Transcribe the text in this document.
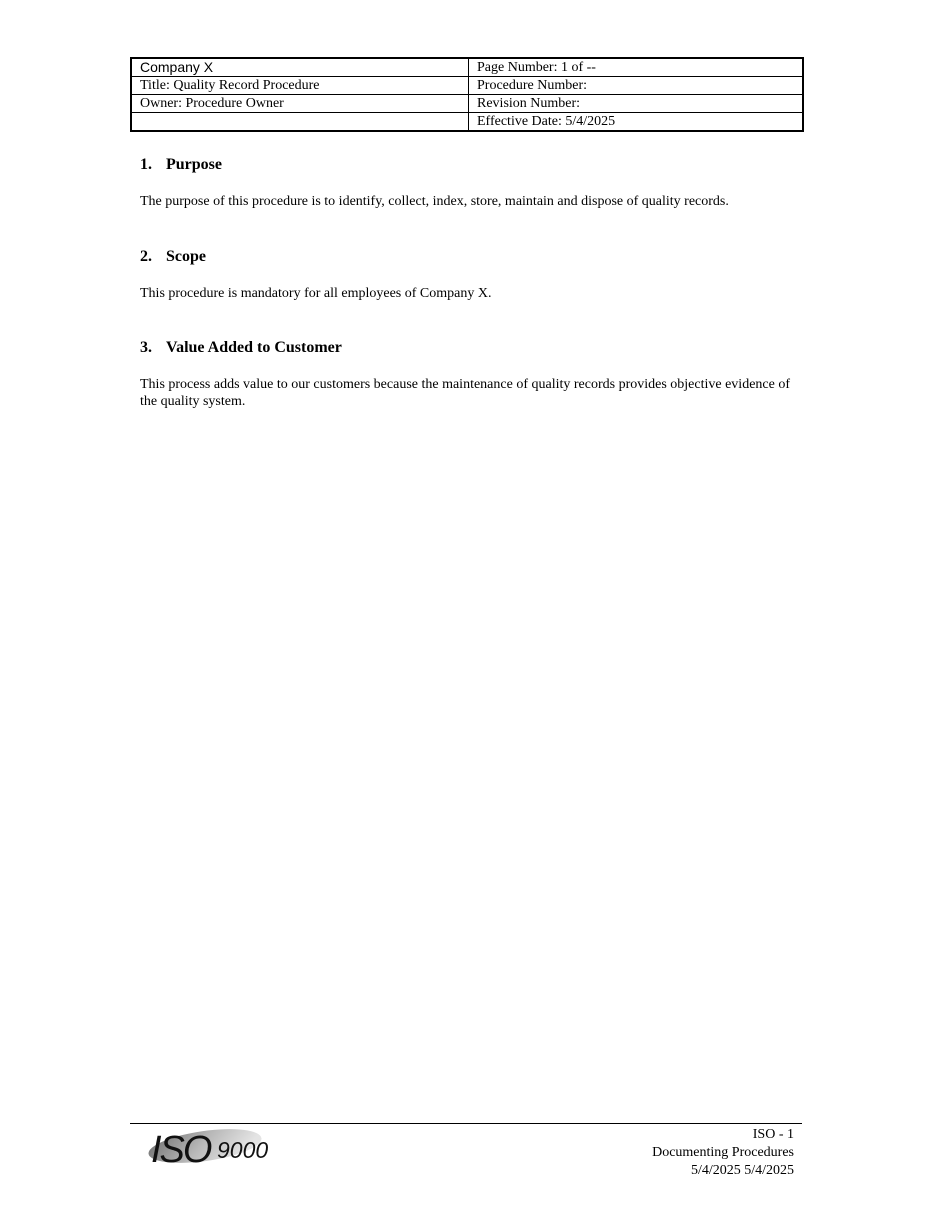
Company X	Page Number: 1 of --
Title: Quality Record Procedure	Procedure Number:
Owner: Procedure Owner	Revision Number:
	Effective Date: 5/4/2025
1. Purpose
The purpose of this procedure is to identify, collect, index, store, maintain and dispose of quality records.
2. Scope
This procedure is mandatory for all employees of Company X.
3. Value Added to Customer
This process adds value to our customers because the maintenance of quality records provides objective evidence of the quality system.
ISO 9000
ISO - 1
Documenting Procedures
5/4/2025 5/4/2025
